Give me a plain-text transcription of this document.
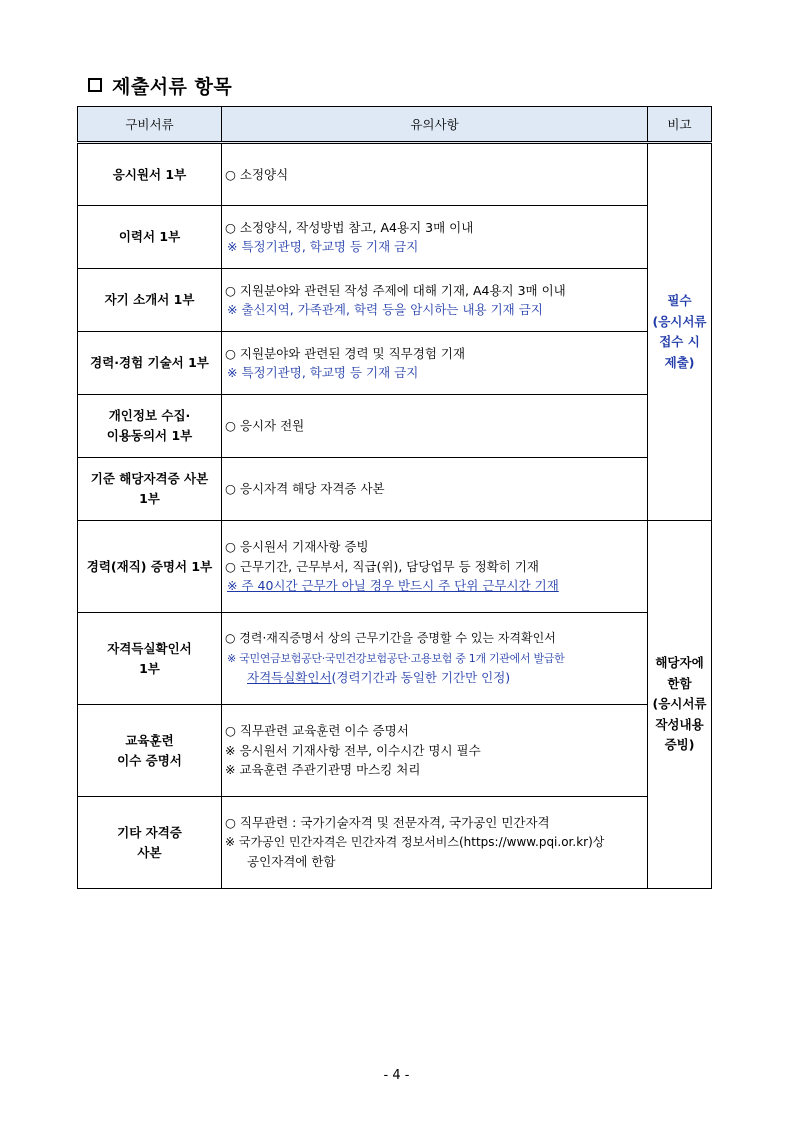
제출서류 항목
구비서류	유의사항	비고
응시원서 1부	○ 소정양식	필수
(응시서류
접수 시
제출)

이력서 1부	○ 소정양식, 작성방법 참고, A4용지 3매 이내
※ 특정기관명, 학교명 등 기재 금지	

자기 소개서 1부	○ 지원분야와 관련된 작성 주제에 대해 기재, A4용지 3매 이내
※ 출신지역, 가족관계, 학력 등을 암시하는 내용 기재 금지	

경력·경험 기술서 1부	○ 지원분야와 관련된 경력 및 직무경험 기재
※ 특정기관명, 학교명 등 기재 금지	

개인정보 수집·
이용동의서 1부	○ 응시자 전원	

기준 해당자격증 사본
1부	○ 응시자격 해당 자격증 사본	

경력(재직) 증명서 1부	○ 응시원서 기재사항 증빙
○ 근무기간, 근무부서, 직급(위), 담당업무 등 정확히 기재
※ 주 40시간 근무가 아닐 경우 반드시 주 단위 근무시간 기재	해당자에
한함
(응시서류
작성내용
증빙)

자격득실확인서
1부	○ 경력·재직증명서 상의 근무기간을 증명할 수 있는 자격확인서
※ 국민연금보험공단·국민건강보험공단·고용보험 중 1개 기관에서 발급한
자격득실확인서(경력기간과 동일한 기간만 인정)	

교육훈련
이수 증명서	○ 직무관련 교육훈련 이수 증명서
※ 응시원서 기재사항 전부, 이수시간 명시 필수
※ 교육훈련 주관기관명 마스킹 처리	

기타 자격증
사본	○ 직무관련 : 국가기술자격 및 전문자격, 국가공인 민간자격
※ 국가공인 민간자격은 민간자격 정보서비스(https://www.pqi.or.kr)상
공인자격에 한함	
- 4 -
